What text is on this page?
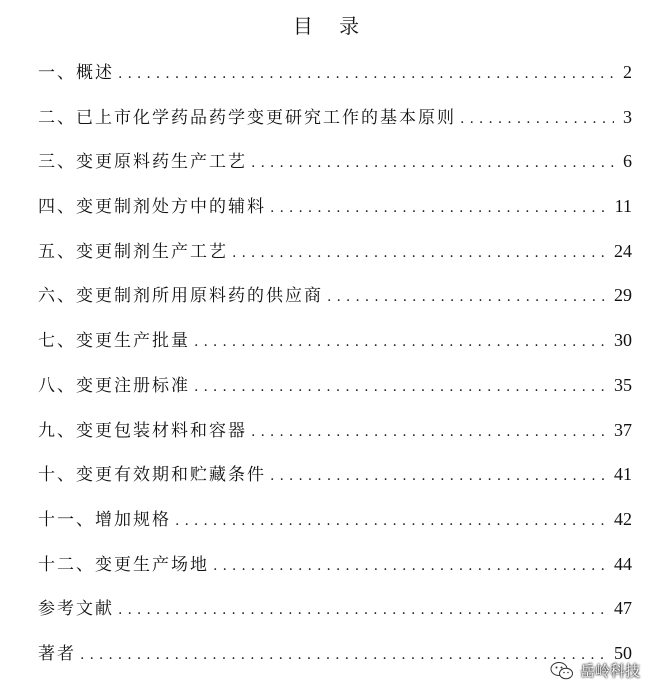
目 录
一、概述 .....	2
二、已上市化学药品药学变更研究工作的基本原则 .....	3
三、变更原料药生产工艺 .....	6
四、变更制剂处方中的辅料 .....	11
五、变更制剂生产工艺 .....	24
六、变更制剂所用原料药的供应商 .....	29
七、变更生产批量 .....	30
八、变更注册标准 .....	35
九、变更包装材料和容器 .....	37
十、变更有效期和贮藏条件 .....	41
十一、增加规格 .....	42
十二、变更生产场地 .....	44
参考文献 .....	47
著者 .....	50
岳岭科技
